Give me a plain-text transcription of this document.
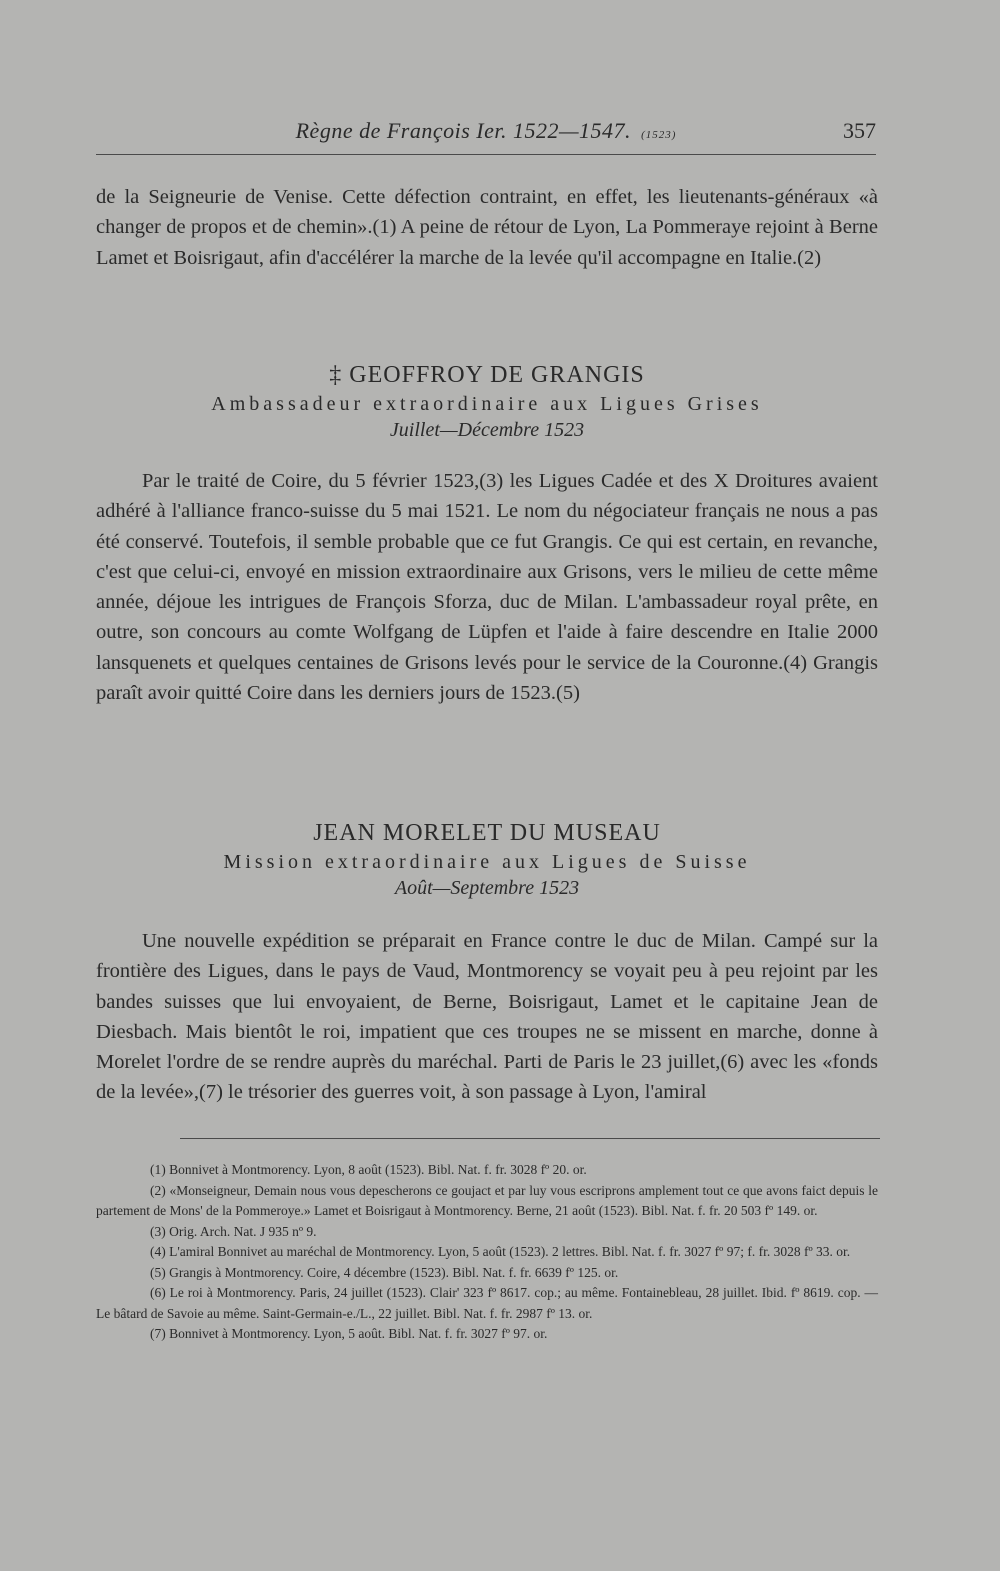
Règne de François Ier. 1522—1547. (1523)	357

de la Seigneurie de Venise. Cette défection contraint, en effet, les lieutenants-généraux «à changer de propos et de chemin».(1) A peine de rétour de Lyon, La Pommeraye rejoint à Berne Lamet et Boisrigaut, afin d'accélérer la marche de la levée qu'il accompagne en Italie.(2)

‡ GEOFFROY DE GRANGIS
Ambassadeur extraordinaire aux Ligues Grises
Juillet—Décembre 1523

Par le traité de Coire, du 5 février 1523,(3) les Ligues Cadée et des X Droitures avaient adhéré à l'alliance franco-suisse du 5 mai 1521. Le nom du négociateur français ne nous a pas été conservé. Toutefois, il semble probable que ce fut Grangis. Ce qui est certain, en revanche, c'est que celui-ci, envoyé en mission extraordinaire aux Grisons, vers le milieu de cette même année, déjoue les intrigues de François Sforza, duc de Milan. L'ambassadeur royal prête, en outre, son concours au comte Wolfgang de Lüpfen et l'aide à faire descendre en Italie 2000 lansquenets et quelques centaines de Grisons levés pour le service de la Couronne.(4) Grangis paraît avoir quitté Coire dans les derniers jours de 1523.(5)

JEAN MORELET DU MUSEAU
Mission extraordinaire aux Ligues de Suisse
Août—Septembre 1523

Une nouvelle expédition se préparait en France contre le duc de Milan. Campé sur la frontière des Ligues, dans le pays de Vaud, Montmorency se voyait peu à peu rejoint par les bandes suisses que lui envoyaient, de Berne, Boisrigaut, Lamet et le capitaine Jean de Diesbach. Mais bientôt le roi, impatient que ces troupes ne se missent en marche, donne à Morelet l'ordre de se rendre auprès du maréchal. Parti de Paris le 23 juillet,(6) avec les «fonds de la levée»,(7) le trésorier des guerres voit, à son passage à Lyon, l'amiral

(1) Bonnivet à Montmorency. Lyon, 8 août (1523). Bibl. Nat. f. fr. 3028 fº 20. or.

(2) «Monseigneur, Demain nous vous depescherons ce goujact et par luy vous escriprons amplement tout ce que avons faict depuis le partement de Mons' de la Pommeroye.» Lamet et Boisrigaut à Montmorency. Berne, 21 août (1523). Bibl. Nat. f. fr. 20 503 fº 149. or.

(3) Orig. Arch. Nat. J 935 nº 9.

(4) L'amiral Bonnivet au maréchal de Montmorency. Lyon, 5 août (1523). 2 lettres. Bibl. Nat. f. fr. 3027 fº 97; f. fr. 3028 fº 33. or.

(5) Grangis à Montmorency. Coire, 4 décembre (1523). Bibl. Nat. f. fr. 6639 fº 125. or.

(6) Le roi à Montmorency. Paris, 24 juillet (1523). Clair' 323 fº 8617. cop.; au même. Fontainebleau, 28 juillet. Ibid. fº 8619. cop. — Le bâtard de Savoie au même. Saint-Germain-e./L., 22 juillet. Bibl. Nat. f. fr. 2987 fº 13. or.

(7) Bonnivet à Montmorency. Lyon, 5 août. Bibl. Nat. f. fr. 3027 fº 97. or.
